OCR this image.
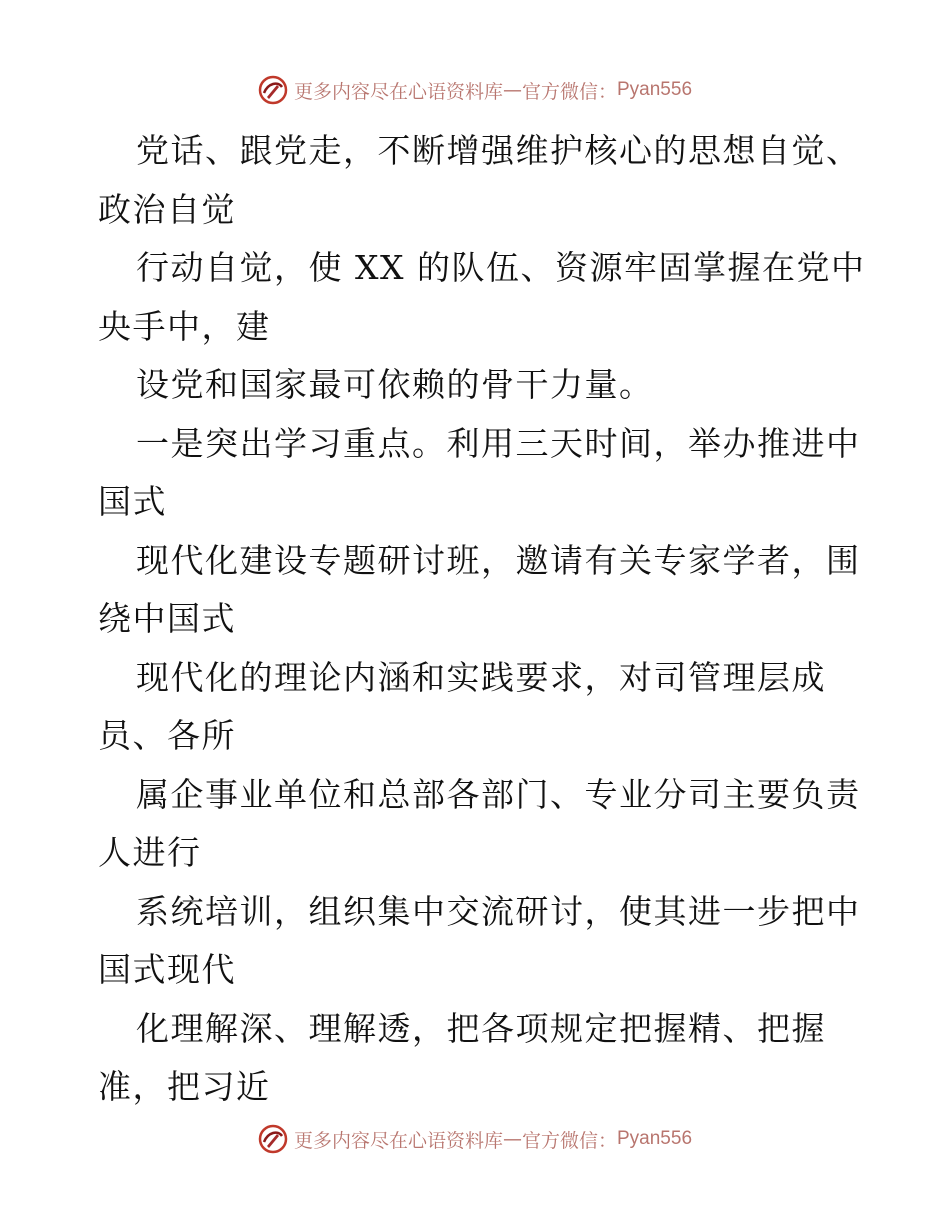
更多内容尽在心语资料库 — 官方微信： Pyan556
党话、跟党走，不断增强维护核心的思想自觉、
政治自觉
行动自觉，使 XX 的队伍、资源牢固掌握在党中
央手中，建
设党和国家最可依赖的骨干力量。
一是突出学习重点。利用三天时间，举办推进中
国式
现代化建设专题研讨班，邀请有关专家学者，围
绕中国式
现代化的理论内涵和实践要求，对司管理层成
员、各所
属企事业单位和总部各部门、专业分司主要负责
人进行
系统培训，组织集中交流研讨，使其进一步把中
国式现代
化理解深、理解透，把各项规定把握精、把握
准，把习近
更多内容尽在心语资料库 — 官方微信： Pyan556
